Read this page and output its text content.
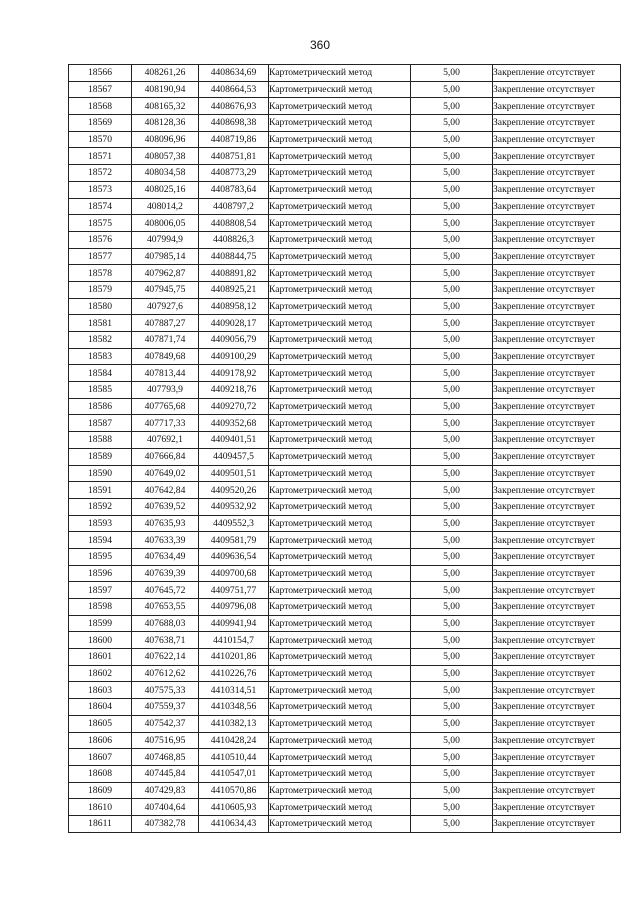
360
18566	408261,26	4408634,69	Картометрический метод	5,00	Закрепление отсутствует
18567	408190,94	4408664,53	Картометрический метод	5,00	Закрепление отсутствует
18568	408165,32	4408676,93	Картометрический метод	5,00	Закрепление отсутствует
18569	408128,36	4408698,38	Картометрический метод	5,00	Закрепление отсутствует
18570	408096,96	4408719,86	Картометрический метод	5,00	Закрепление отсутствует
18571	408057,38	4408751,81	Картометрический метод	5,00	Закрепление отсутствует
18572	408034,58	4408773,29	Картометрический метод	5,00	Закрепление отсутствует
18573	408025,16	4408783,64	Картометрический метод	5,00	Закрепление отсутствует
18574	408014,2	4408797,2	Картометрический метод	5,00	Закрепление отсутствует
18575	408006,05	4408808,54	Картометрический метод	5,00	Закрепление отсутствует
18576	407994,9	4408826,3	Картометрический метод	5,00	Закрепление отсутствует
18577	407985,14	4408844,75	Картометрический метод	5,00	Закрепление отсутствует
18578	407962,87	4408891,82	Картометрический метод	5,00	Закрепление отсутствует
18579	407945,75	4408925,21	Картометрический метод	5,00	Закрепление отсутствует
18580	407927,6	4408958,12	Картометрический метод	5,00	Закрепление отсутствует
18581	407887,27	4409028,17	Картометрический метод	5,00	Закрепление отсутствует
18582	407871,74	4409056,79	Картометрический метод	5,00	Закрепление отсутствует
18583	407849,68	4409100,29	Картометрический метод	5,00	Закрепление отсутствует
18584	407813,44	4409178,92	Картометрический метод	5,00	Закрепление отсутствует
18585	407793,9	4409218,76	Картометрический метод	5,00	Закрепление отсутствует
18586	407765,68	4409270,72	Картометрический метод	5,00	Закрепление отсутствует
18587	407717,33	4409352,68	Картометрический метод	5,00	Закрепление отсутствует
18588	407692,1	4409401,51	Картометрический метод	5,00	Закрепление отсутствует
18589	407666,84	4409457,5	Картометрический метод	5,00	Закрепление отсутствует
18590	407649,02	4409501,51	Картометрический метод	5,00	Закрепление отсутствует
18591	407642,84	4409520,26	Картометрический метод	5,00	Закрепление отсутствует
18592	407639,52	4409532,92	Картометрический метод	5,00	Закрепление отсутствует
18593	407635,93	4409552,3	Картометрический метод	5,00	Закрепление отсутствует
18594	407633,39	4409581,79	Картометрический метод	5,00	Закрепление отсутствует
18595	407634,49	4409636,54	Картометрический метод	5,00	Закрепление отсутствует
18596	407639,39	4409700,68	Картометрический метод	5,00	Закрепление отсутствует
18597	407645,72	4409751,77	Картометрический метод	5,00	Закрепление отсутствует
18598	407653,55	4409796,08	Картометрический метод	5,00	Закрепление отсутствует
18599	407688,03	4409941,94	Картометрический метод	5,00	Закрепление отсутствует
18600	407638,71	4410154,7	Картометрический метод	5,00	Закрепление отсутствует
18601	407622,14	4410201,86	Картометрический метод	5,00	Закрепление отсутствует
18602	407612,62	4410226,76	Картометрический метод	5,00	Закрепление отсутствует
18603	407575,33	4410314,51	Картометрический метод	5,00	Закрепление отсутствует
18604	407559,37	4410348,56	Картометрический метод	5,00	Закрепление отсутствует
18605	407542,37	4410382,13	Картометрический метод	5,00	Закрепление отсутствует
18606	407516,95	4410428,24	Картометрический метод	5,00	Закрепление отсутствует
18607	407468,85	4410510,44	Картометрический метод	5,00	Закрепление отсутствует
18608	407445,84	4410547,01	Картометрический метод	5,00	Закрепление отсутствует
18609	407429,83	4410570,86	Картометрический метод	5,00	Закрепление отсутствует
18610	407404,64	4410605,93	Картометрический метод	5,00	Закрепление отсутствует
18611	407382,78	4410634,43	Картометрический метод	5,00	Закрепление отсутствует
